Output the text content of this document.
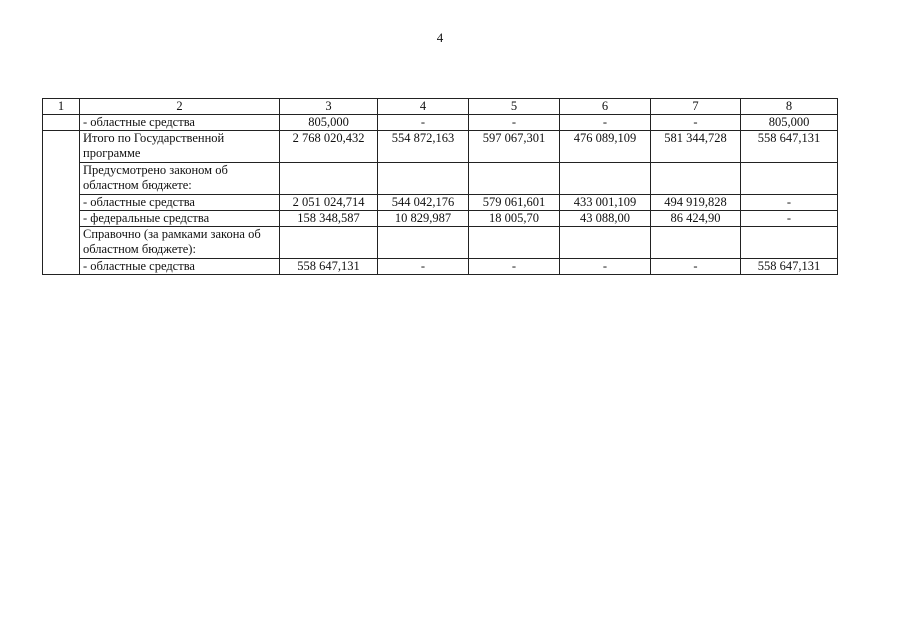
4
1	2	3	4	5	6	7	8
	- областные средства	805,000	-	-	-	-	805,000
	Итого по Государственной программе	2 768 020,432	554 872,163	597 067,301	476 089,109	581 344,728	558 647,131
	Предусмотрено законом об областном бюджете:						
	- областные средства	2 051 024,714	544 042,176	579 061,601	433 001,109	494 919,828	-
	- федеральные средства	158 348,587	10 829,987	18 005,70	43 088,00	86 424,90	-
	Справочно (за рамками закона об областном бюджете):						
	- областные средства	558 647,131	-	-	-	-	558 647,131
